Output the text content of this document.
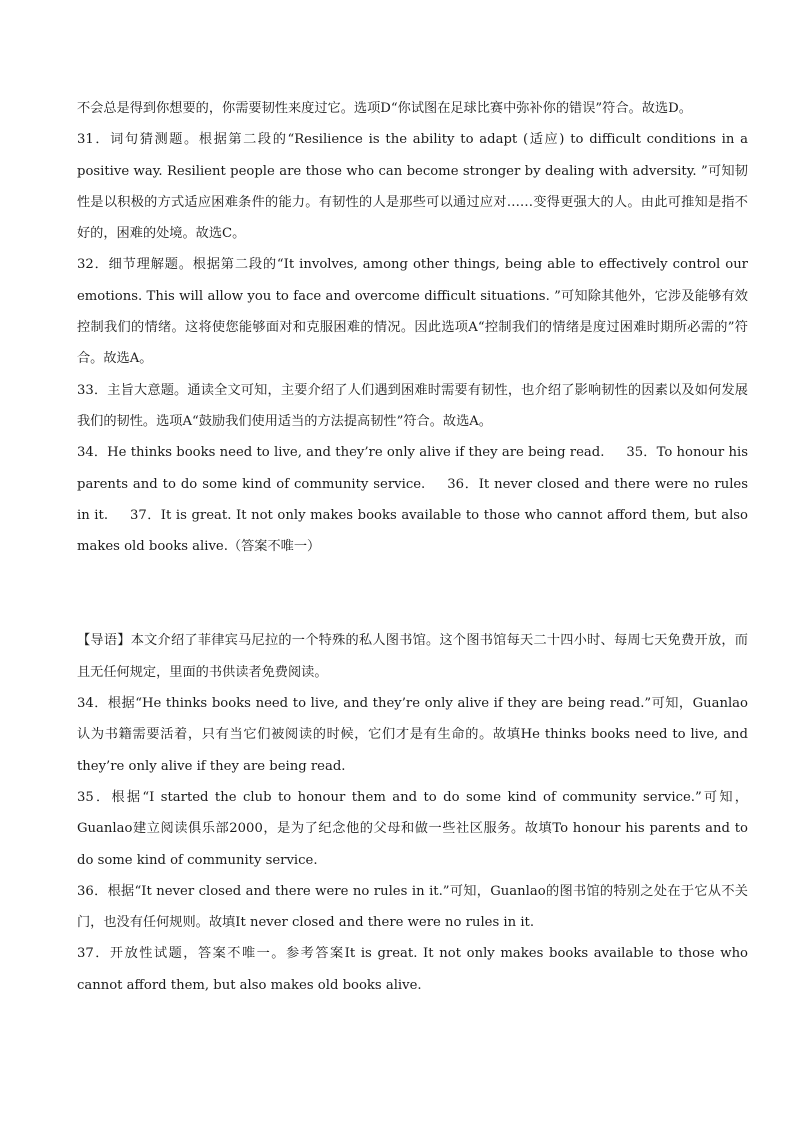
不会总是得到你想要的，你需要韧性来度过它。选项D“你试图在足球比赛中弥补你的错误”符合。故选D。

31．词句猜测题。根据第二段的“Resilience is the ability to adapt (适应) to difficult conditions in a positive way. Resilient people are those who can become stronger by dealing with adversity. ”可知韧性是以积极的方式适应困难条件的能力。有韧性的人是那些可以通过应对……变得更强大的人。由此可推知是指不好的，困难的处境。故选C。

32．细节理解题。根据第二段的“It involves, among other things, being able to effectively control our emotions. This will allow you to face and overcome difficult situations. ”可知除其他外，它涉及能够有效控制我们的情绪。这将使您能够面对和克服困难的情况。因此选项A“控制我们的情绪是度过困难时期所必需的”符合。故选A。

33．主旨大意题。通读全文可知，主要介绍了人们遇到困难时需要有韧性，也介绍了影响韧性的因素以及如何发展我们的韧性。选项A“鼓励我们使用适当的方法提高韧性”符合。故选A。

34．He thinks books need to live, and they’re only alive if they are being read. 35．To honour his parents and to do some kind of community service. 36．It never closed and there were no rules in it. 37．It is great. It not only makes books available to those who cannot afford them, but also makes old books alive.（答案不唯一）

【导语】本文介绍了菲律宾马尼拉的一个特殊的私人图书馆。这个图书馆每天二十四小时、每周七天免费开放，而且无任何规定，里面的书供读者免费阅读。

34．根据“He thinks books need to live, and they’re only alive if they are being read.”可知，Guanlao认为书籍需要活着，只有当它们被阅读的时候，它们才是有生命的。故填He thinks books need to live, and they’re only alive if they are being read.

35．根据“I started the club to honour them and to do some kind of community service.”可知，Guanlao建立阅读俱乐部2000，是为了纪念他的父母和做一些社区服务。故填To honour his parents and to do some kind of community service.

36．根据“It never closed and there were no rules in it.”可知，Guanlao的图书馆的特别之处在于它从不关门，也没有任何规则。故填It never closed and there were no rules in it.

37．开放性试题，答案不唯一。参考答案It is great. It not only makes books available to those who cannot afford them, but also makes old books alive.
